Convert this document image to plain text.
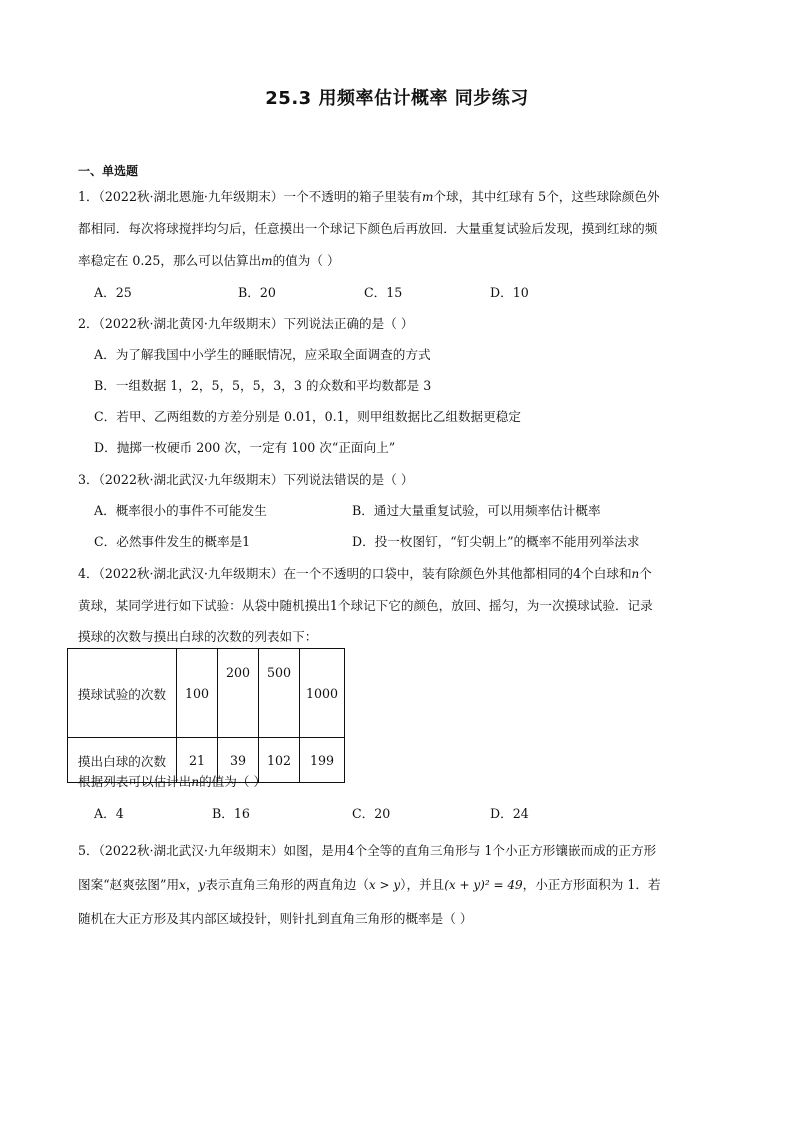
25.3 用频率估计概率 同步练习
一、单选题
1．（2022秋·湖北恩施·九年级期末）一个不透明的箱子里装有m个球，其中红球有 5个，这些球除颜色外
都相同．每次将球搅拌均匀后，任意摸出一个球记下颜色后再放回．大量重复试验后发现，摸到红球的频
率稳定在 0.25，那么可以估算出m的值为（ ）
A．25	B．20	C．15	D．10
2．（2022秋·湖北黄冈·九年级期末）下列说法正确的是（ ）
A．为了解我国中小学生的睡眠情况，应采取全面调查的方式
B．一组数据 1，2，5，5，5，3，3 的众数和平均数都是 3
C．若甲、乙两组数的方差分别是 0.01，0.1，则甲组数据比乙组数据更稳定
D．抛掷一枚硬币 200 次，一定有 100 次“正面向上”
3．（2022秋·湖北武汉·九年级期末）下列说法错误的是（ ）
A．概率很小的事件不可能发生	B．通过大量重复试验，可以用频率估计概率
C．必然事件发生的概率是1	D．投一枚图钉，“钉尖朝上”的概率不能用列举法求
4．（2022秋·湖北武汉·九年级期末）在一个不透明的口袋中，装有除颜色外其他都相同的4个白球和n个
黄球，某同学进行如下试验：从袋中随机摸出1个球记下它的颜色，放回、摇匀，为一次摸球试验．记录
摸球的次数与摸出白球的次数的列表如下：
摸球试验的次数	100	200	500	1000
摸出白球的次数	21	39	102	199
根据列表可以估计出n的值为（ ）
A．4	B．16	C．20	D．24
5．（2022秋·湖北武汉·九年级期末）如图，是用4个全等的直角三角形与 1个小正方形镶嵌而成的正方形
图案“赵爽弦图”用x，y表示直角三角形的两直角边（x > y），并且(x + y)² = 49，小正方形面积为 1．若
随机在大正方形及其内部区域投针，则针扎到直角三角形的概率是（ ）
